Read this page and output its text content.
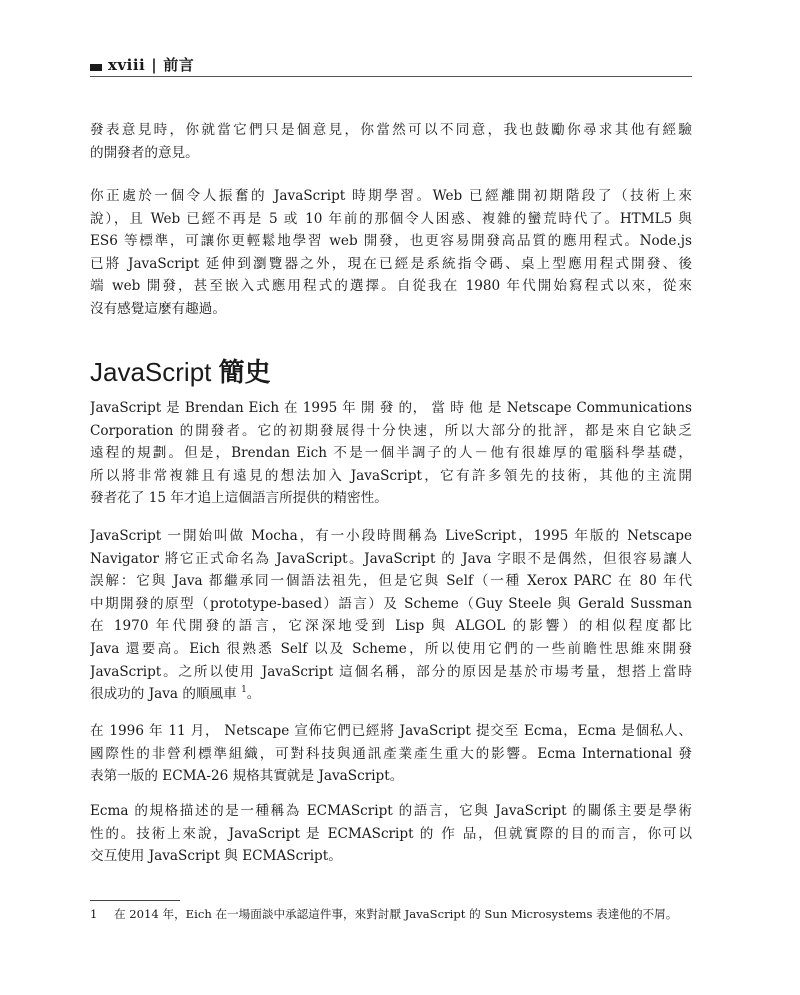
xviii | 前言

發表意見時，你就當它們只是個意見，你當然可以不同意，我也鼓勵你尋求其他有經驗
的開發者的意見。

你正處於一個令人振奮的 JavaScript 時期學習。Web 已經離開初期階段了（技術上來
說），且 Web 已經不再是 5 或 10 年前的那個令人困惑、複雜的蠻荒時代了。HTML5 與
ES6 等標準，可讓你更輕鬆地學習 web 開發，也更容易開發高品質的應用程式。Node.js
已將 JavaScript 延伸到瀏覽器之外，現在已經是系統指令碼、桌上型應用程式開發、後
端 web 開發，甚至嵌入式應用程式的選擇。自從我在 1980 年代開始寫程式以來，從來
沒有感覺這麼有趣過。

JavaScript 簡史

JavaScript 是 Brendan Eich 在 1995 年 開 發 的， 當 時 他 是 Netscape Communications
Corporation 的開發者。它的初期發展得十分快速，所以大部分的批評，都是來自它缺乏
遠程的規劃。但是，Brendan Eich 不是一個半調子的人－他有很雄厚的電腦科學基礎，
所以將非常複雜且有遠見的想法加入 JavaScript，它有許多領先的技術，其他的主流開
發者花了 15 年才追上這個語言所提供的精密性。

JavaScript 一開始叫做 Mocha，有一小段時間稱為 LiveScript，1995 年版的 Netscape
Navigator 將它正式命名為 JavaScript。JavaScript 的 Java 字眼不是偶然，但很容易讓人
誤解：它與 Java 都繼承同一個語法祖先，但是它與 Self（一種 Xerox PARC 在 80 年代
中期開發的原型（prototype-based）語言）及 Scheme（Guy Steele 與 Gerald Sussman
在 1970 年代開發的語言，它深深地受到 Lisp 與 ALGOL 的影響）的相似程度都比
Java 還要高。Eich 很熟悉 Self 以及 Scheme，所以使用它們的一些前瞻性思維來開發
JavaScript。之所以使用 JavaScript 這個名稱，部分的原因是基於市場考量，想搭上當時
很成功的 Java 的順風車 $^1$。

在 1996 年 11 月， Netscape 宣佈它們已經將 JavaScript 提交至 Ecma，Ecma 是個私人、
國際性的非營利標準組織，可對科技與通訊產業產生重大的影響。Ecma International 發
表第一版的 ECMA-26 規格其實就是 JavaScript。

Ecma 的規格描述的是一種稱為 ECMAScript 的語言，它與 JavaScript 的關係主要是學術
性的。技術上來說，JavaScript 是 ECMAScript 的 作 品，但就實際的目的而言，你可以
交互使用 JavaScript 與 ECMAScript。

1 在 2014 年，Eich 在一場面談中承認這件事，來對討厭 JavaScript 的 Sun Microsystems 表達他的不屑。
